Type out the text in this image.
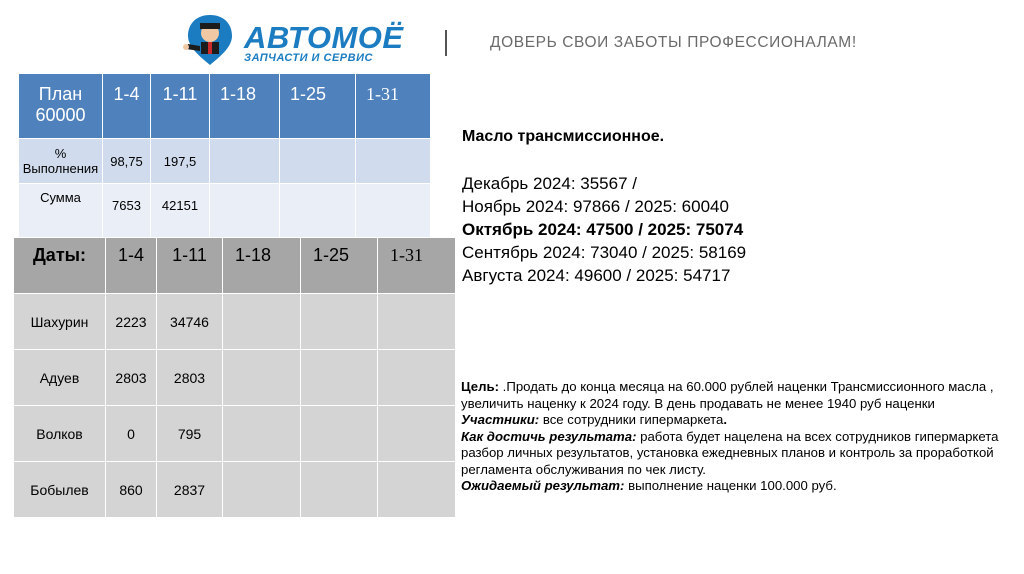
АВТОМОЁ
ЗАПЧАСТИ И СЕРВИС
ДОВЕРЬ СВОИ ЗАБОТЫ ПРОФЕССИОНАЛАМ!
План 60000	1-4	1-11	1-18	1-25	1-31
% Выполнения	98,75	197,5			
Сумма	7653	42151			
Даты:	1-4	1-11	1-18	1-25	1-31
Шахурин	2223	34746			
Адуев	2803	2803			
Волков	0	795			
Бобылев	860	2837			
Масло трансмиссионное.
Декабрь 2024: 35567 /
Ноябрь 2024: 97866 / 2025: 60040
Октябрь 2024: 47500 / 2025: 75074
Сентябрь 2024: 73040 / 2025: 58169
Августа 2024: 49600 / 2025: 54717

Цель: .Продать до конца месяца на 60.000 рублей наценки Трансмиссионного масла , увеличить наценку к 2024 году. В день продавать не менее 1940 руб наценки

Участники: все сотрудники гипермаркета.

Как достичь результата: работа будет нацелена на всех сотрудников гипермаркета разбор личных результатов, установка ежедневных планов и контроль за проработкой регламента обслуживания по чек листу.

Ожидаемый результат: выполнение наценки 100.000 руб.
